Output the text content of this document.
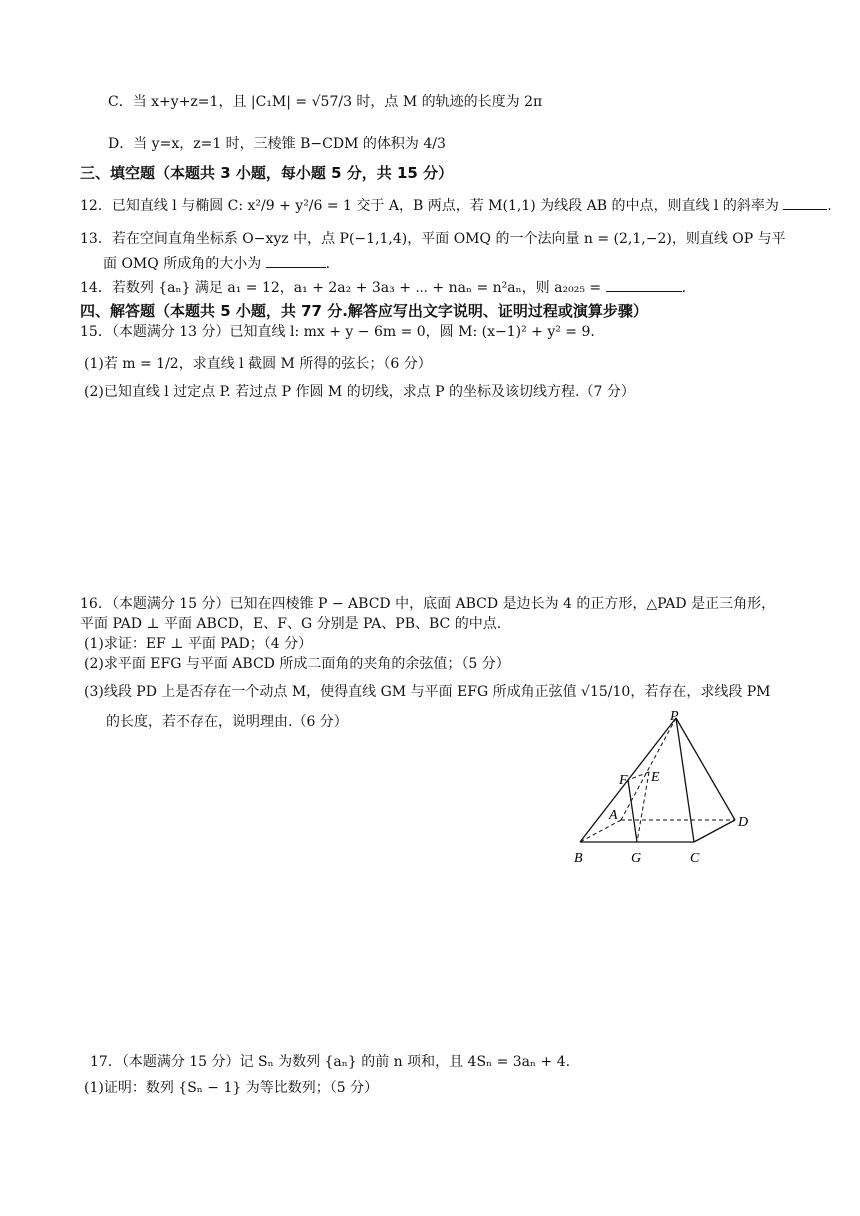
C．当 x+y+z=1，且 |C₁M| = √57/3 时，点 M 的轨迹的长度为 2π
D．当 y=x，z=1 时，三棱锥 B−CDM 的体积为 4/3
三、填空题（本题共 3 小题，每小题 5 分，共 15 分）
12．已知直线 l 与椭圆 C: x²/9 + y²/6 = 1 交于 A，B 两点，若 M(1,1) 为线段 AB 的中点，则直线 l 的斜率为	.
13．若在空间直角坐标系 O−xyz 中，点 P(−1,1,4)，平面 OMQ 的一个法向量 n = (2,1,−2)，则直线 OP 与平
面 OMQ 所成角的大小为	.
14．若数列 {aₙ} 满足 a₁ = 12，a₁ + 2a₂ + 3a₃ + ⋯ + naₙ = n²aₙ，则 a₂₀₂₅ =	.
四、解答题（本题共 5 小题，共 77 分.解答应写出文字说明、证明过程或演算步骤）
15．（本题满分 13 分）已知直线 l: mx + y − 6m = 0，圆 M: (x−1)² + y² = 9.
(1)若 m = 1/2，求直线 l 截圆 M 所得的弦长；（6 分）
(2)已知直线 l 过定点 P. 若过点 P 作圆 M 的切线，求点 P 的坐标及该切线方程.（7 分）
16．（本题满分 15 分）已知在四棱锥 P − ABCD 中，底面 ABCD 是边长为 4 的正方形，△PAD 是正三角形，
平面 PAD ⊥ 平面 ABCD，E、F、G 分别是 PA、PB、BC 的中点.
(1)求证：EF ⊥ 平面 PAD；（4 分）
(2)求平面 EFG 与平面 ABCD 所成二面角的夹角的余弦值；（5 分）
(3)线段 PD 上是否存在一个动点 M，使得直线 GM 与平面 EFG 所成角正弦值 √15/10，若存在，求线段 PM
的长度，若不存在，说明理由.（6 分）	P
F E
A	D
B	G	C
17．（本题满分 15 分）记 Sₙ 为数列 {aₙ} 的前 n 项和，且 4Sₙ = 3aₙ + 4.
(1)证明：数列 {Sₙ − 1} 为等比数列；（5 分）
